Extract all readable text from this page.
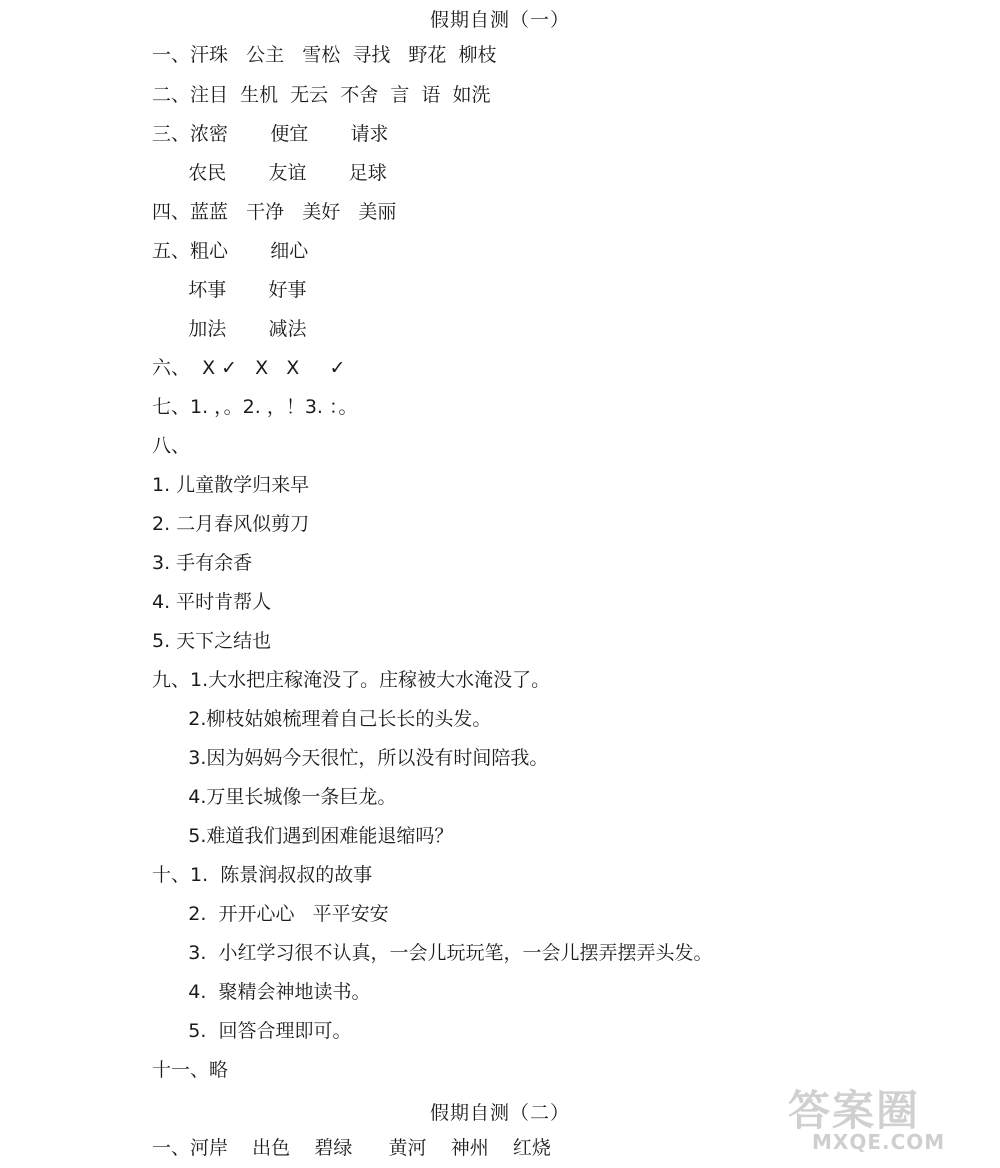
假期自测（一）
一、汗珠   公主   雪松  寻找   野花  柳枝
二、注目  生机  无云  不舍  言  语  如洗
三、浓密       便宜       请求
农民       友谊       足球
四、蓝蓝   干净   美好   美丽
五、粗心       细心
坏事       好事
加法       减法
六、  X ✓   X   X     ✓
七、1. ，。2. ，！3. ：。
八、
1. 儿童散学归来早
2. 二月春风似剪刀
3. 手有余香
4. 平时肯帮人
5. 天下之结也
九、1.大水把庄稼淹没了。庄稼被大水淹没了。
2.柳枝姑娘梳理着自己长长的头发。
3.因为妈妈今天很忙，所以没有时间陪我。
4.万里长城像一条巨龙。
5.难道我们遇到困难能退缩吗？
十、1.  陈景润叔叔的故事
2.  开开心心   平平安安
3.  小红学习很不认真，一会儿玩玩笔，一会儿摆弄摆弄头发。
4.  聚精会神地读书。
5.  回答合理即可。
十一、略
假期自测（二）
一、河岸    出色    碧绿      黄河    神州    红烧
答案圈
MXQE.COM
